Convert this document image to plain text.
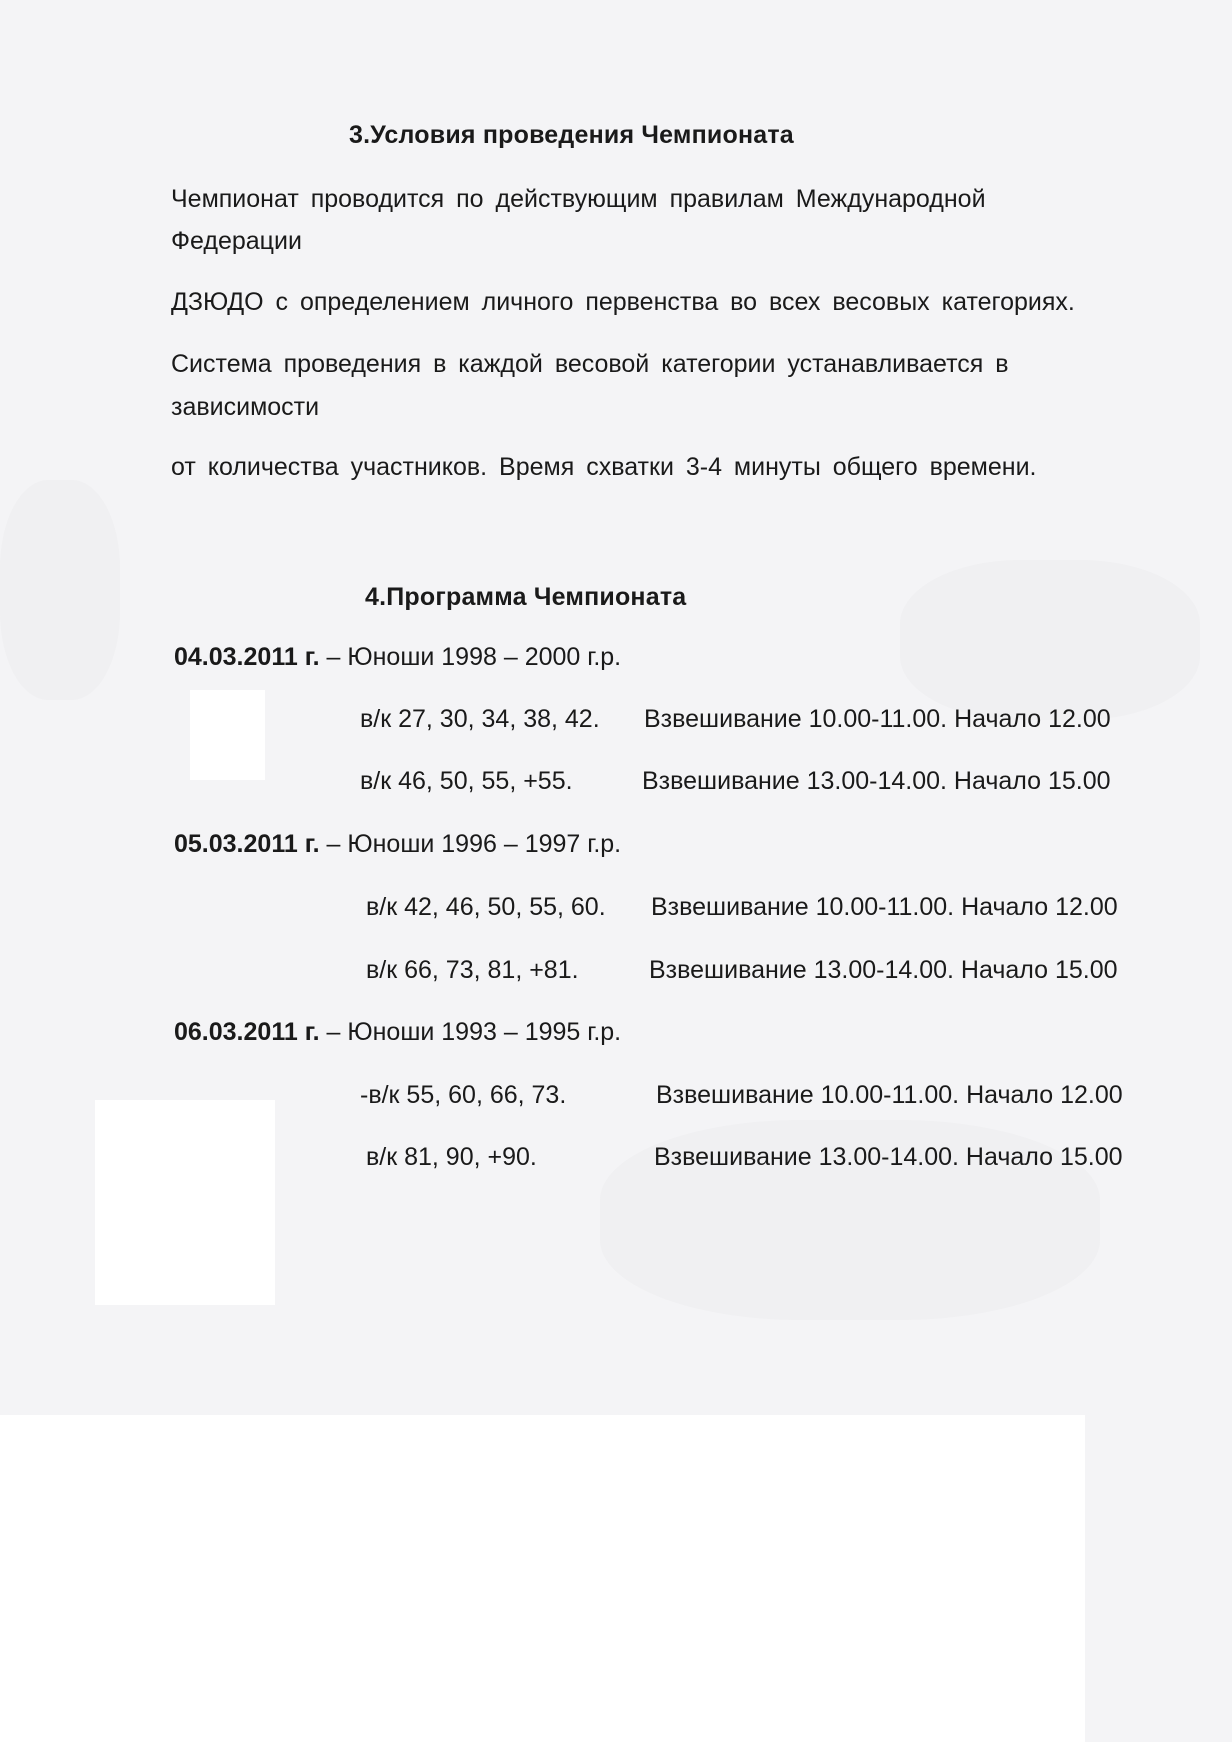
3.Условия проведения Чемпионата
Чемпионат проводится по действующим правилам Международной
Федерации
ДЗЮДО с определением личного первенства во всех весовых категориях.
Система проведения в каждой весовой категории устанавливается в
зависимости
от количества участников. Время схватки 3-4 минуты общего времени.
4.Программа Чемпионата
04.03.2011 г. – Юноши 1998 – 2000 г.р.
в/к 27, 30, 34, 38, 42. Взвешивание 10.00-11.00. Начало 12.00
в/к 46, 50, 55, +55.	Взвешивание 13.00-14.00. Начало 15.00
05.03.2011 г. – Юноши 1996 – 1997 г.р.
в/к 42, 46, 50, 55, 60. Взвешивание 10.00-11.00. Начало 12.00
в/к 66, 73, 81, +81.	Взвешивание 13.00-14.00. Начало 15.00
06.03.2011 г. – Юноши 1993 – 1995 г.р.
-в/к 55, 60, 66, 73.	Взвешивание 10.00-11.00. Начало 12.00
в/к 81, 90, +90.	Взвешивание 13.00-14.00. Начало 15.00
